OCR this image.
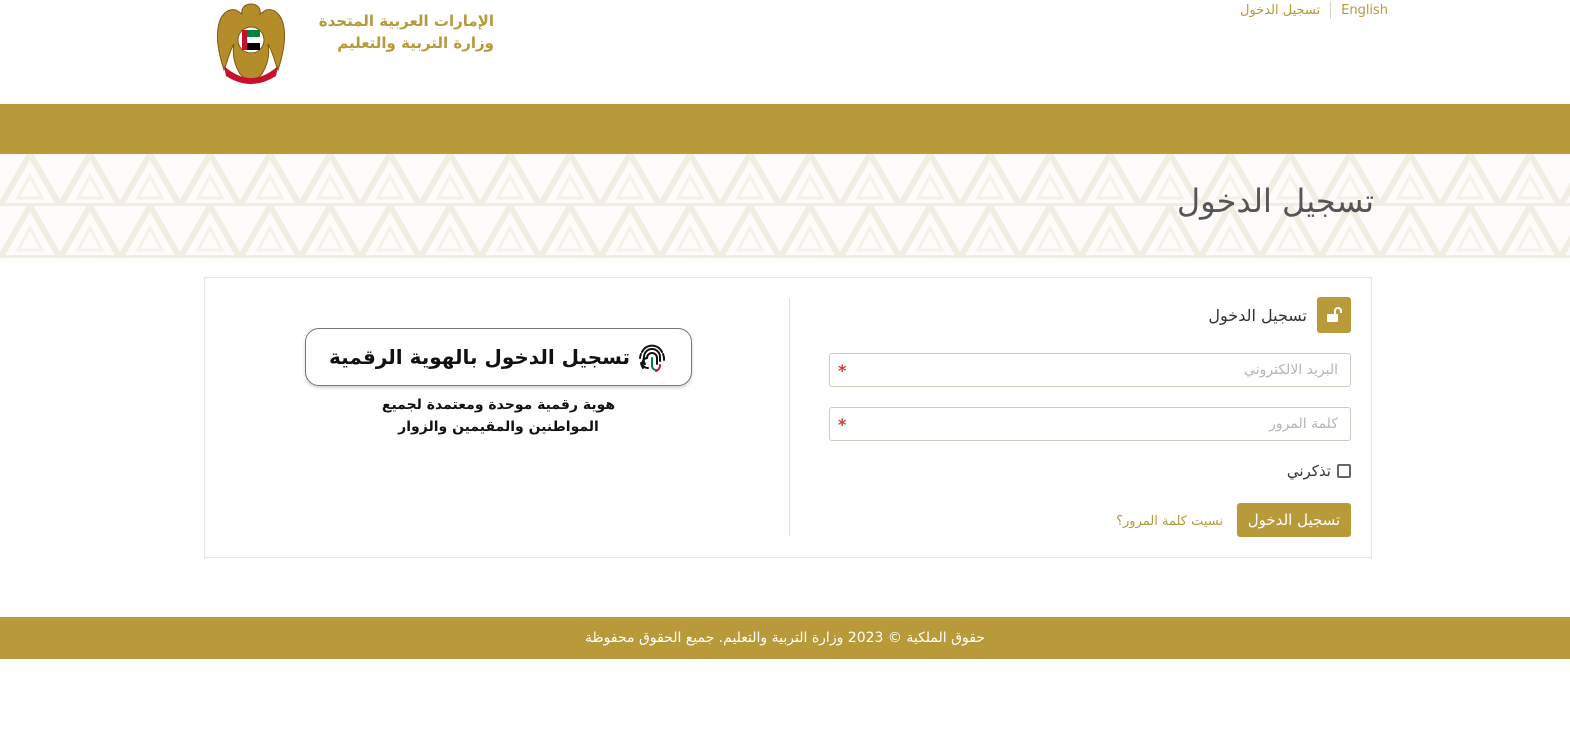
الإمارات العربية المتحدة
وزارة التربية والتعليم
تسجيل الدخول	English
تسجيل الدخول
تسجيل الدخول
البريد الالكتروني
*
*
تذكرني
تسجيل الدخول
نسيت كلمة المرور؟
تسجيل الدخول بالهوية الرقمية
هوية رقمية موحدة ومعتمدة لجميع
المواطنين والمقيمين والزوار
حقوق الملكية © 2023 وزارة التربية والتعليم. جميع الحقوق محفوظة
